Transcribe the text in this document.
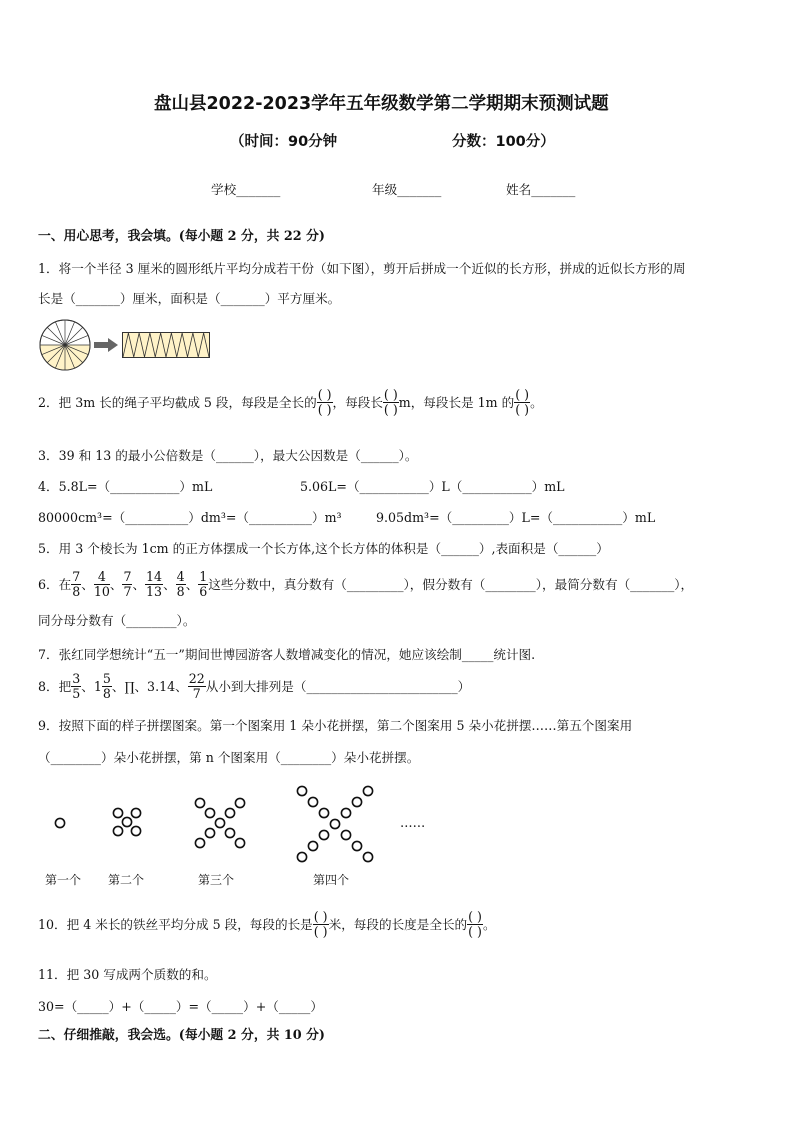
盘山县2022-2023学年五年级数学第二学期期末预测试题
（时间：90分钟	分数：100分）
学校_______	年级_______	姓名_______
一、用心思考，我会填。(每小题 2 分，共 22 分)
1．将一个半径 3 厘米的圆形纸片平均分成若干份（如下图），剪开后拼成一个近似的长方形，拼成的近似长方形的周
长是（_______）厘米，面积是（_______）平方厘米。
2．把 3m 长的绳子平均截成 5 段，每段是全长的 $\frac{( )}{( )}$ ，每段长 $\frac{( )}{( )}$ m，每段长是 1m 的 $\frac{( )}{( )}$ 。
3．39 和 13 的最小公倍数是（______），最大公因数是（______）。
4．5.8L=（___________）mL	5.06L=（___________）L（___________）mL
80000cm³=（__________）dm³=（__________）m³	9.05dm³=（_________）L=（___________）mL
5．用 3 个棱长为 1cm 的正方体摆成一个长方体,这个长方体的体积是（______）,表面积是（______）
6．在 $\frac{7}{8}$ 、 $\frac{4}{10}$ 、 $\frac{7}{7}$ 、 $\frac{14}{13}$ 、 $\frac{4}{8}$ 、 $\frac{1}{6}$ 这些分数中，真分数有（_________），假分数有（________），最简分数有（_______），
同分母分数有（________）。
7．张红同学想统计“五一”期间世博园游客人数增减变化的情况，她应该绘制_____统计图.
8．把 $\frac{3}{5}$ 、$1 \frac{5}{8}$ 、∏、3.14、 $\frac{22}{7}$ 从小到大排列是（________________________）
9．按照下面的样子拼摆图案。第一个图案用 1 朵小花拼摆，第二个图案用 5 朵小花拼摆……第五个图案用
（________）朵小花拼摆，第 n 个图案用（________）朵小花拼摆。
……
第一个 第二个	第三个	第四个
10．把 4 米长的铁丝平均分成 5 段，每段的长是 $\frac{( )}{( )}$ 米，每段的长度是全长的 $\frac{( )}{( )}$ 。
11．把 30 写成两个质数的和。
30=（_____）+（_____）=（_____）+（_____）
二、仔细推敲，我会选。(每小题 2 分，共 10 分)
